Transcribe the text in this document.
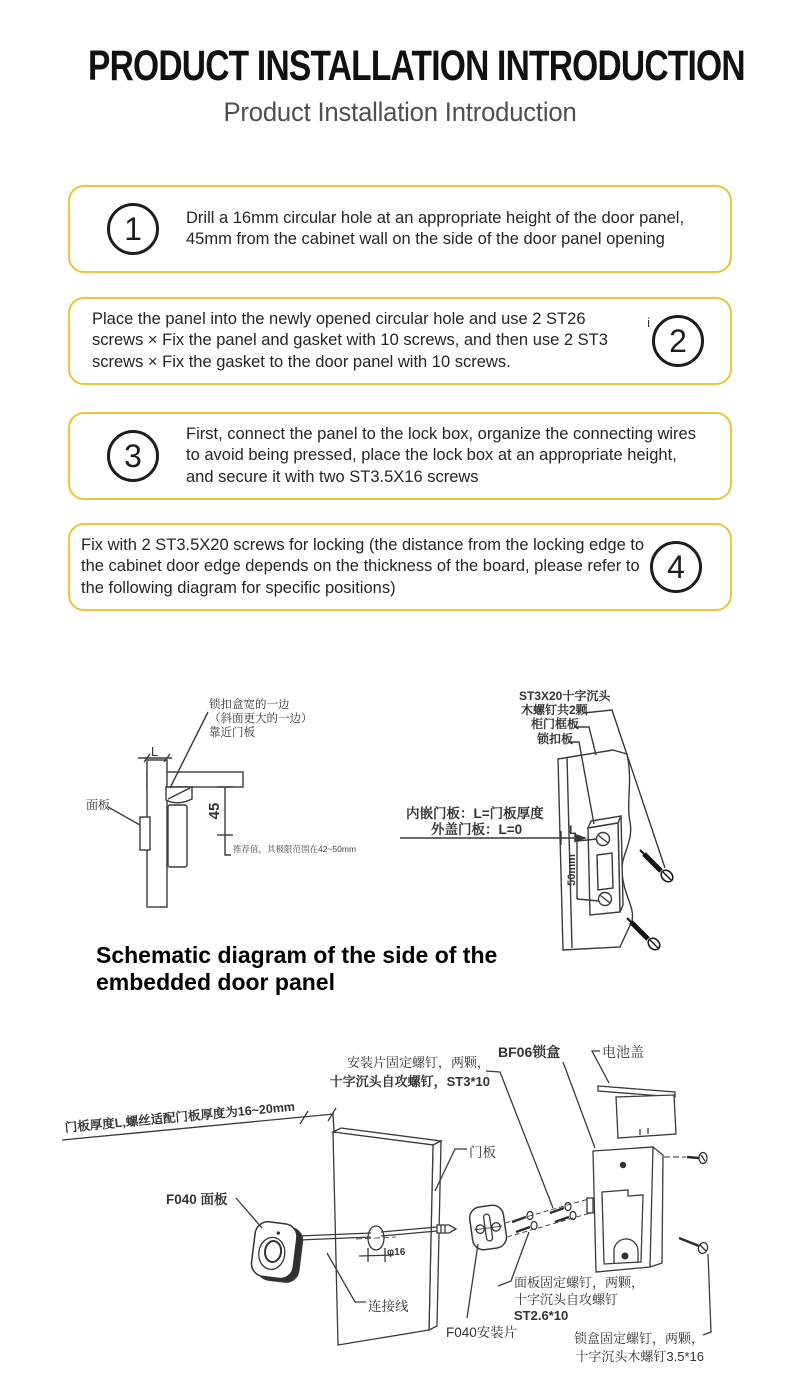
PRODUCT INSTALLATION INTRODUCTION
Product Installation Introduction
1	Drill a 16mm circular hole at an appropriate height of the door panel, 45mm from the cabinet wall on the side of the door panel opening
Place the panel into the newly opened circular hole and use 2 ST26 screws × Fix the panel and gasket with 10 screws, and then use 2 ST3 screws × Fix the gasket to the door panel with 10 screws.
i 2
3
First, connect the panel to the lock box, organize the connecting wires to avoid being pressed, place the lock box at an appropriate height, and secure it with two ST3.5X16 screws
Fix with 2 ST3.5X20 screws for locking (the distance from the locking edge to the cabinet door edge depends on the thickness of the board, please refer to the following diagram for specific positions)
4
L
45
L
50mm
锁扣盒宽的一边
（斜面更大的一边）
靠近门板
面板
推荐值，其极限范围在42~50mm
ST3X20十字沉头
木螺钉共2颗
柜门框板
锁扣板
内嵌门板：L=门板厚度
外盖门板：L=0
Schematic diagram of the side of the
embedded door panel
门板厚度L,螺丝适配门板厚度为16~20mm
安装片固定螺钉，两颗，
十字沉头自攻螺钉，ST3*10
BF06锁盒	电池盖
F040 面板
门板
φ16
连接线
F040安装片
面板固定螺钉，两颗，
十字沉头自攻螺钉
ST2.6*10
锁盒固定螺钉，两颗，
十字沉头木螺钉3.5*16
